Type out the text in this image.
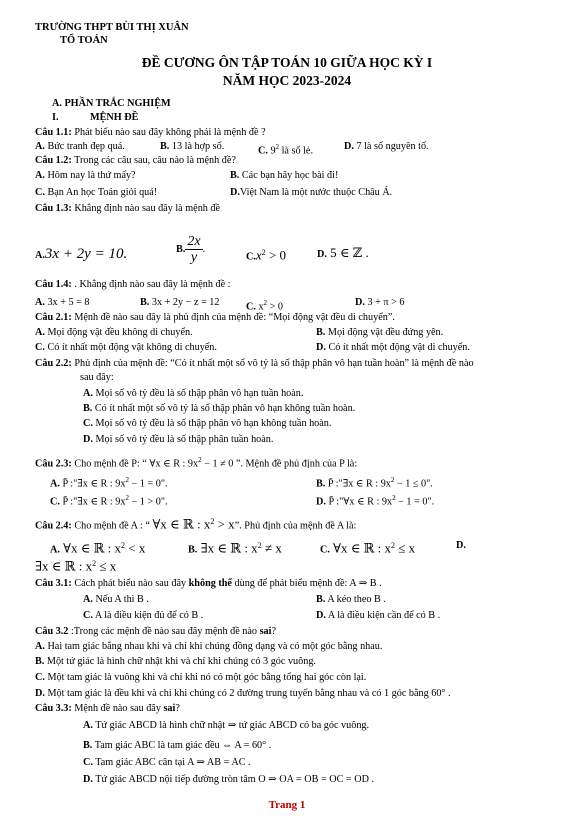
TRƯỜNG THPT BÙI THỊ XUÂN
TỔ TOÁN
ĐỀ CƯƠNG ÔN TẬP TOÁN 10 GIỮA HỌC KỲ I
NĂM HỌC 2023-2024
A. PHẦN TRẮC NGHIỆM
I.	MỆNH ĐỀ
Câu 1.1: Phát biểu nào sau đây không phải là mệnh đề ?
A. Bức tranh đẹp quá.	B. 13 là hợp số.	C. $9^2$ là số lẻ.	D. 7 là số nguyên tố.
Câu 1.2: Trong các câu sau, câu nào là mệnh đề?
A. Hôm nay là thứ mấy?	B. Các bạn hãy học bài đi!
C. Bạn An học Toán giỏi quá!	D.Việt Nam là một nước thuộc Châu Á.
Câu 1.3: Khẳng định nào sau đây là mệnh đề
A.3x + 2y = 10.	B. $\frac{2x}{y}$ .
$C.x^2 > 0$	D. 5 ∈ ℤ .
Câu 1.4: . Khẳng định nào sau đây là mệnh đề :
A. 3x + 5 = 8	B. 3x + 2y − z = 12	C. $x^2 > 0$	D. 3 + π > 6
Câu 2.1: Mệnh đề nào sau đây là phủ định của mệnh đề: “Mọi động vật đều di chuyển”.
A. Mọi động vật đều không di chuyển.	B. Mọi động vật đều đứng yên.
C. Có ít nhất một động vật không di chuyển.	D. Có ít nhất một động vật di chuyển.
Câu 2.2: Phủ định của mệnh đề: “Có ít nhất một số vô tỷ là số thập phân vô hạn tuần hoàn” là mệnh đề nào
sau đây:
A. Mọi số vô tỷ đều là số thập phân vô hạn tuần hoàn.
B. Có ít nhất một số vô tỷ là số thập phân vô hạn không tuần hoàn.
C. Mọi số vô tỷ đều là số thập phân vô hạn không tuần hoàn.
D. Mọi số vô tỷ đều là số thập phân tuần hoàn.
Câu 2.3: Cho mệnh đề P: “ ∀x ∈ R : $9x^2 - 1 \ne 0$ ”. Mệnh đề phủ định của P là:
A. P̄ :"∃x ∈ R : $9x^2 - 1 = 0$".	B. P̄ :"∃x ∈ R : $9x^2 - 1 \le 0$".
C. P̄ :"∃x ∈ R : $9x^2 - 1 > 0$".	D. P̄ :"∀x ∈ R : $9x^2 - 1 = 0$".
Câu 2.4: Cho mệnh đề A : “ ∀x ∈ ℝ : $x^2 > x$”. Phủ định của mệnh đề A là:
A. ∀x ∈ ℝ : $x^2 < x$	B. ∃x ∈ ℝ : $x^2 \ne x$	C. ∀x ∈ ℝ : $x^2 \le x$	D.
∃x ∈ ℝ : $x^2 \le x$
Câu 3.1: Cách phát biểu nào sau đây không thể dùng để phát biểu mệnh đề: A ⇒ B .
A. Nếu A thì B .	B. A kéo theo B .
C. A là điều kiện đủ để có B .	D. A là điều kiện cần để có B .
Câu 3.2 :Trong các mệnh đề nào sau đây mệnh đề nào sai?
A. Hai tam giác bằng nhau khi và chỉ khi chúng đồng dạng và có một góc bằng nhau.
B. Một tứ giác là hình chữ nhật khi và chỉ khi chúng có 3 góc vuông.
C. Một tam giác là vuông khi và chỉ khi nó có một góc bằng tổng hai góc còn lại.
D. Một tam giác là đều khi và chỉ khi chúng có 2 đường trung tuyến bằng nhau và có 1 góc bằng 60° .
Câu 3.3: Mệnh đề nào sau đây sai?
A. Tứ giác ABCD là hình chữ nhật ⇒ tứ giác ABCD có ba góc vuông.
B. Tam giác ABC là tam giác đều ⇔ A = 60° .
C. Tam giác ABC cân tại A ⇒ AB = AC .
D. Tứ giác ABCD nội tiếp đường tròn tâm O ⇒ OA = OB = OC = OD .
Trang 1
